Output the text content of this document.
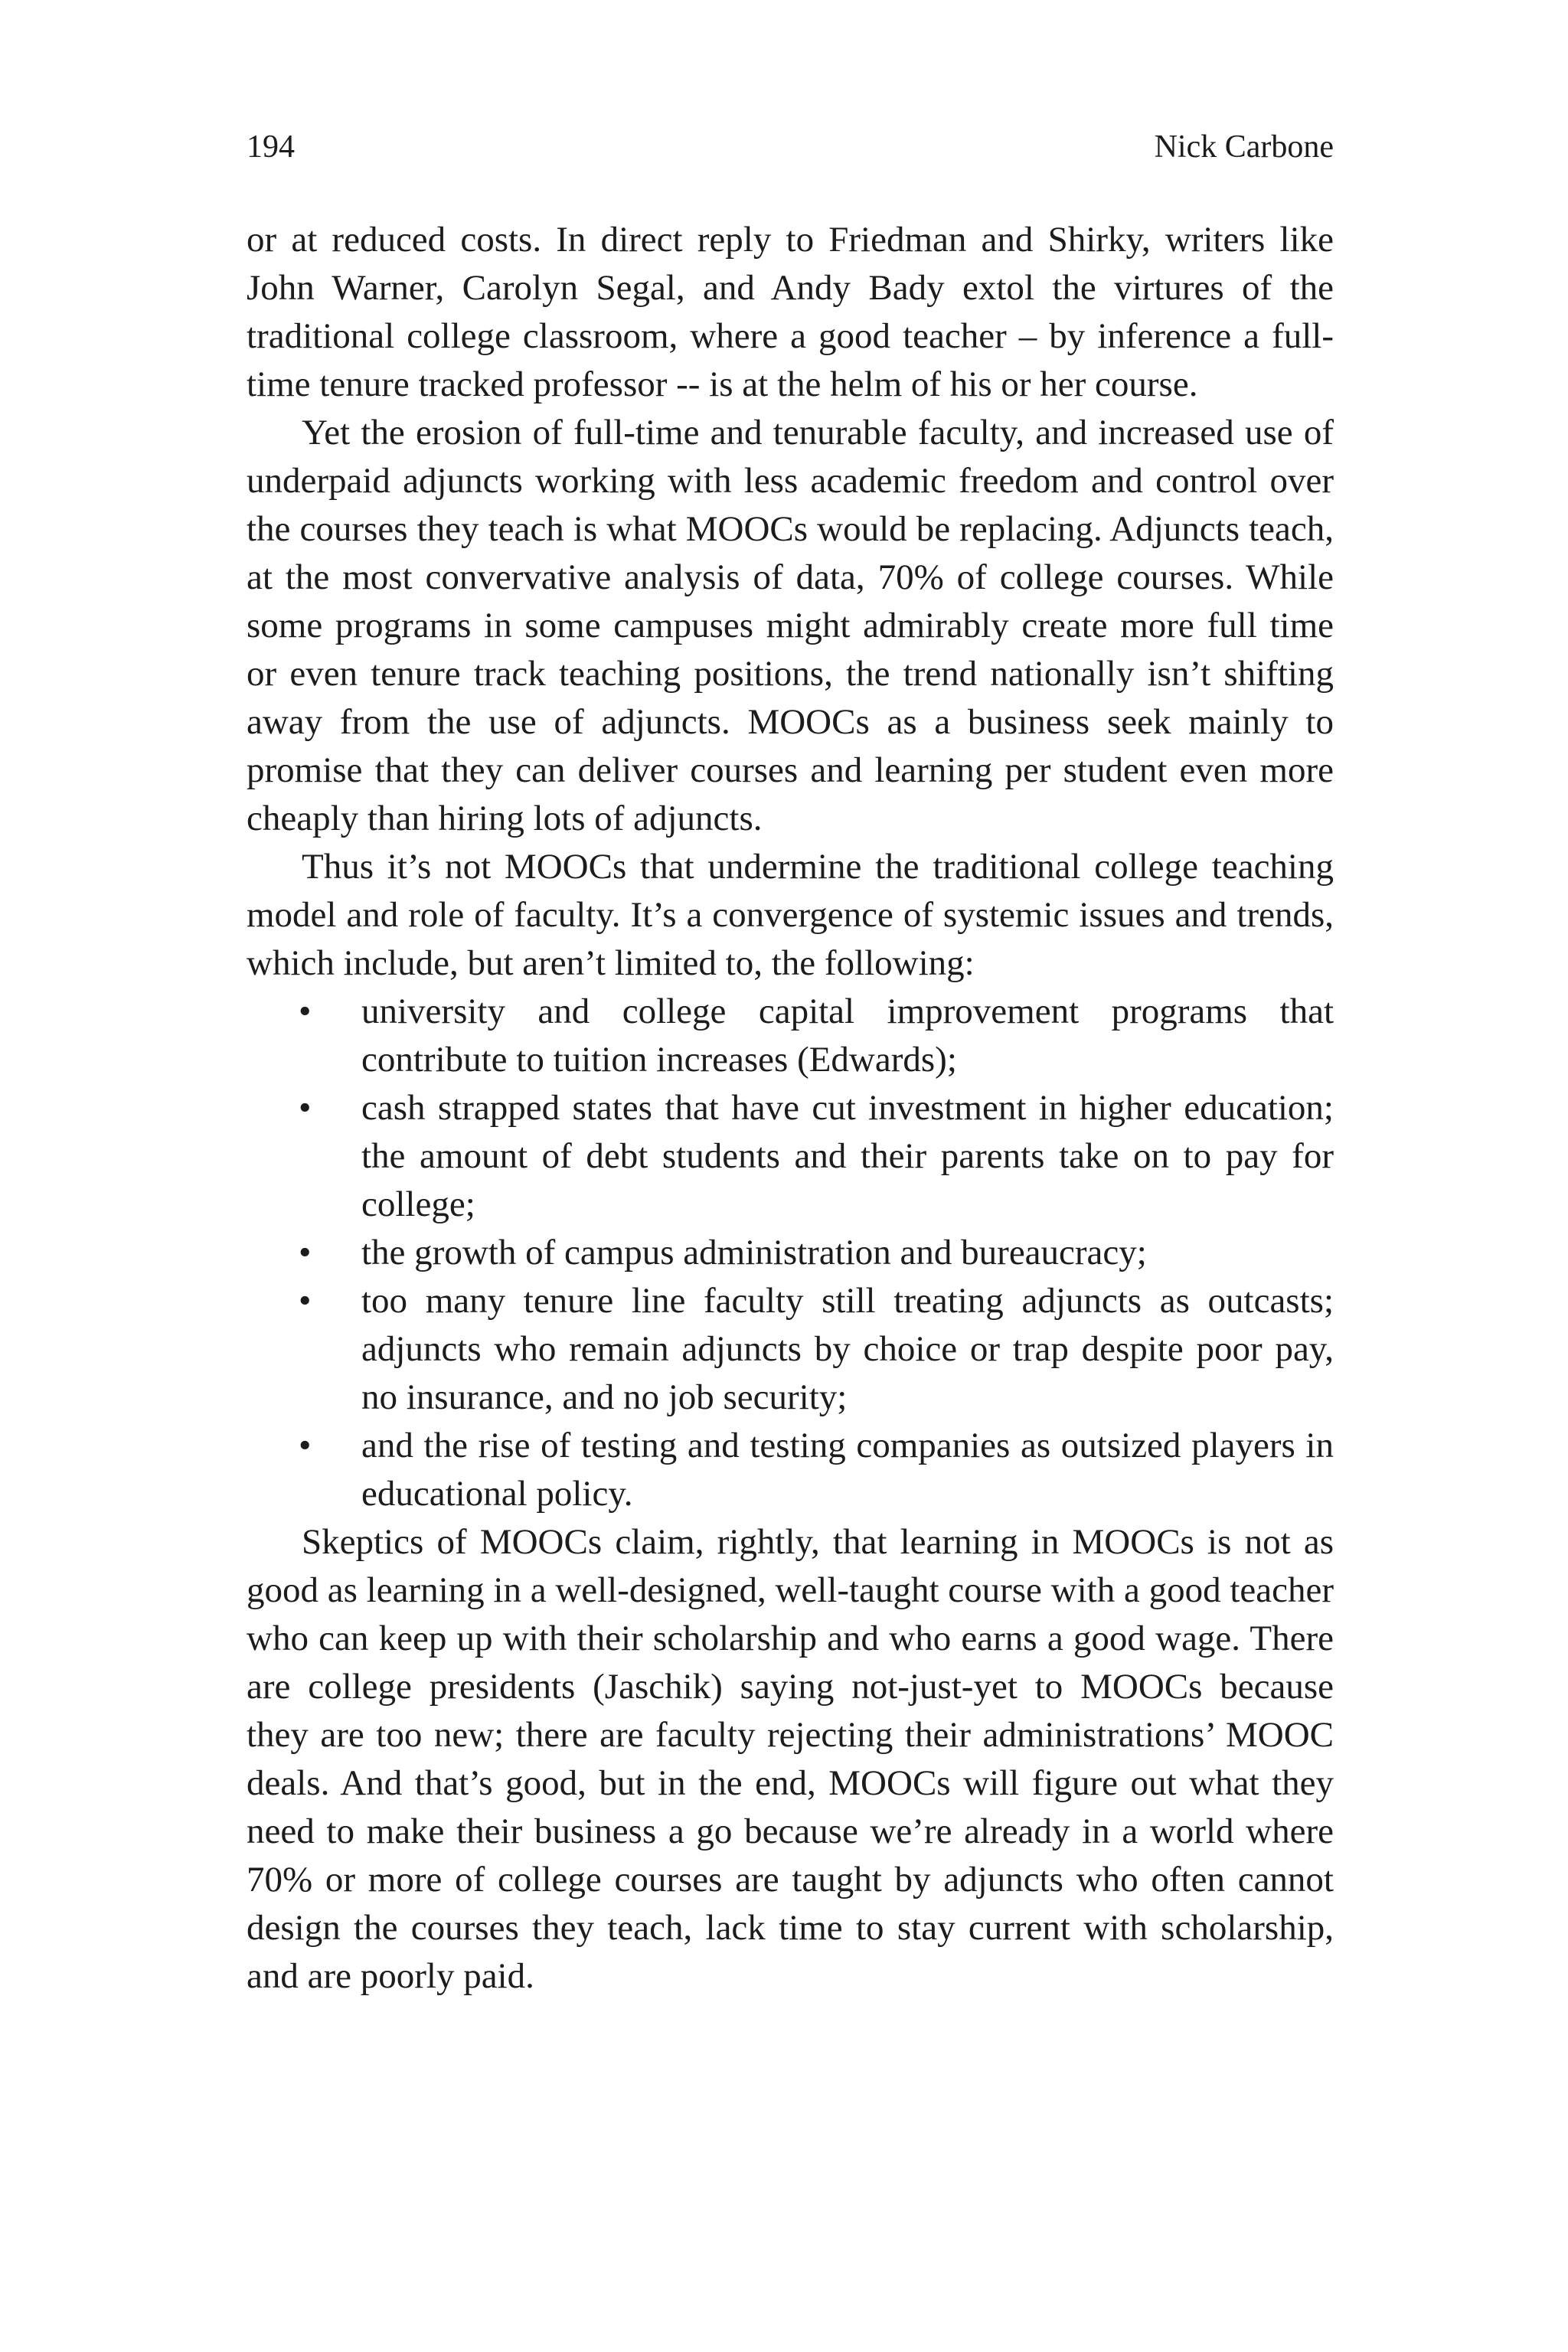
194	Nick Carbone

or at reduced costs. In direct reply to Friedman and Shirky, writers like John Warner, Carolyn Segal, and Andy Bady extol the virtures of the traditional college classroom, where a good teacher – by inference a full-time tenure tracked professor -- is at the helm of his or her course.

Yet the erosion of full-time and tenurable faculty, and increased use of underpaid adjuncts working with less academic freedom and control over the courses they teach is what MOOCs would be replacing. Adjuncts teach, at the most convervative analysis of data, 70% of college courses. While some programs in some campuses might admirably create more full time or even tenure track teaching positions, the trend nationally isn’t shifting away from the use of adjuncts. MOOCs as a business seek mainly to promise that they can deliver courses and learning per student even more cheaply than hiring lots of adjuncts.

Thus it’s not MOOCs that undermine the traditional college teaching model and role of faculty. It’s a convergence of systemic issues and trends, which include, but aren’t limited to, the following:

• university and college capital improvement programs that contribute to tuition increases (Edwards);
• cash strapped states that have cut investment in higher education; the amount of debt students and their parents take on to pay for college;
• the growth of campus administration and bureaucracy;
• too many tenure line faculty still treating adjuncts as outcasts; adjuncts who remain adjuncts by choice or trap despite poor pay, no insurance, and no job security;
• and the rise of testing and testing companies as outsized players in educational policy.

Skeptics of MOOCs claim, rightly, that learning in MOOCs is not as good as learning in a well-designed, well-taught course with a good teacher who can keep up with their scholarship and who earns a good wage. There are college presidents (Jaschik) saying not-just-yet to MOOCs because they are too new; there are faculty rejecting their administrations’ MOOC deals. And that’s good, but in the end, MOOCs will figure out what they need to make their business a go because we’re already in a world where 70% or more of college courses are taught by adjuncts who often cannot design the courses they teach, lack time to stay current with scholarship, and are poorly paid.
